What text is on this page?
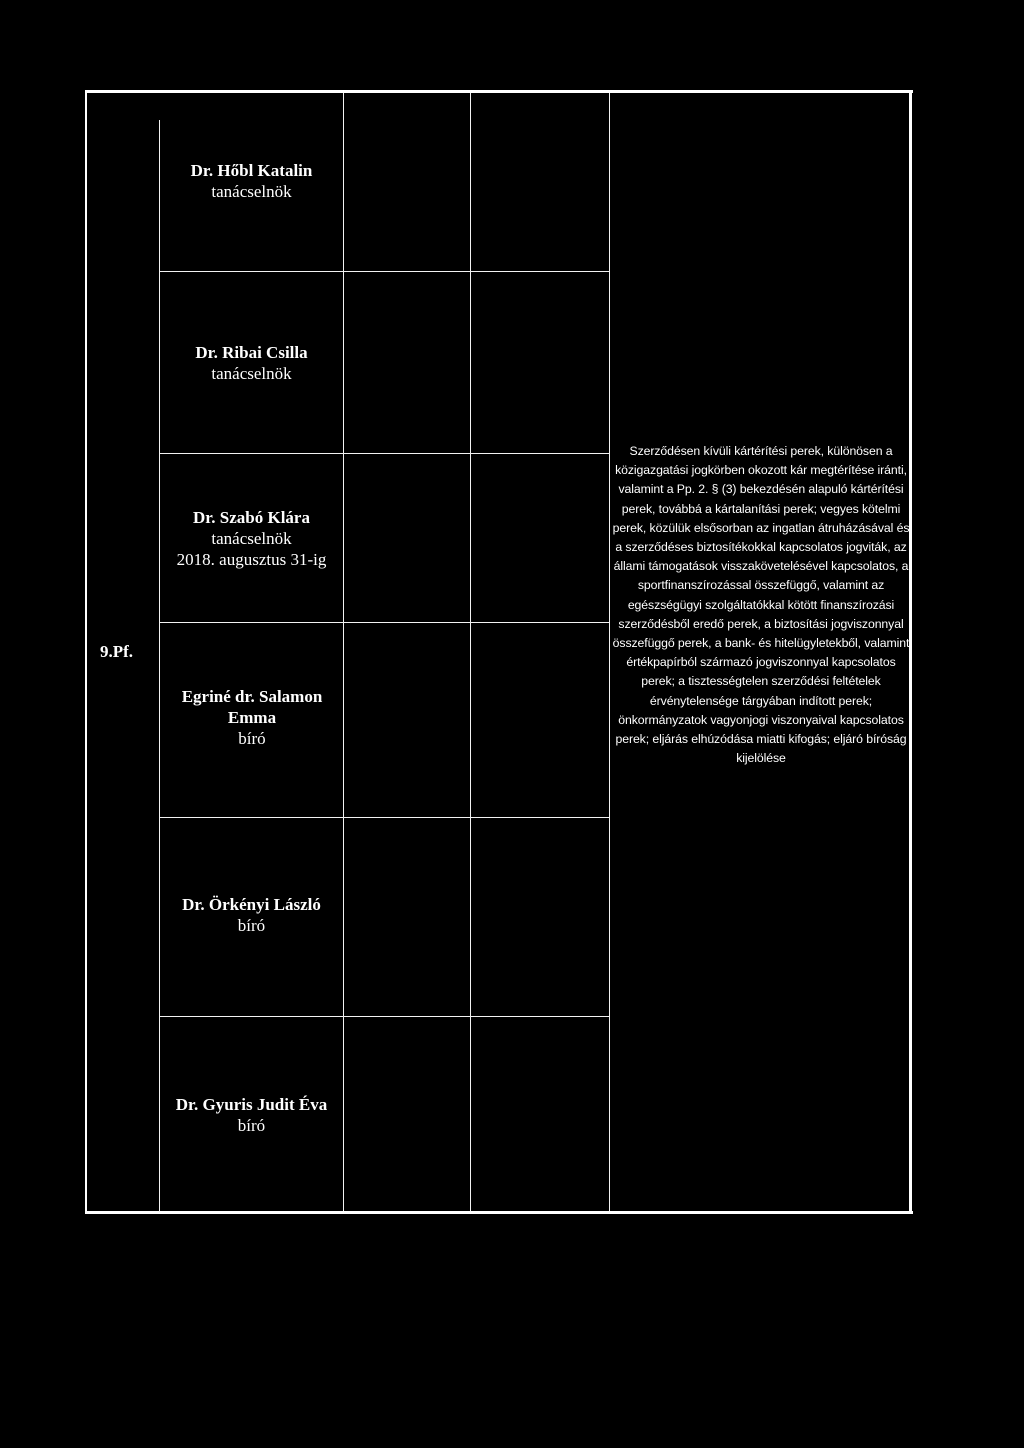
9.Pf.
Dr. Hőbl Katalin
tanácselnök
Dr. Ribai Csilla
tanácselnök
Dr. Szabó Klára
tanácselnök
2018. augusztus 31-ig
Egriné dr. Salamon Emma
bíró
Dr. Örkényi László
bíró
Dr. Gyuris Judit Éva
bíró
Szerződésen kívüli kártérítési perek, különösen a közigazgatási jogkörben okozott kár megtérítése iránti, valamint a Pp. 2. § (3) bekezdésén alapuló kártérítési perek, továbbá a kártalanítási perek; vegyes kötelmi perek, közülük elsősorban az ingatlan átruházásával és a szerződéses biztosítékokkal kapcsolatos jogviták, az állami támogatások visszakövetelésével kapcsolatos, a sportfinanszírozással összefüggő, valamint az egészségügyi szolgáltatókkal kötött finanszírozási szerződésből eredő perek, a biztosítási jogviszonnyal összefüggő perek, a bank- és hitelügyletekből, valamint értékpapírból származó jogviszonnyal kapcsolatos perek; a tisztességtelen szerződési feltételek érvénytelensége tárgyában indított perek; önkormányzatok vagyonjogi viszonyaival kapcsolatos perek; eljárás elhúzódása miatti kifogás; eljáró bíróság kijelölése
